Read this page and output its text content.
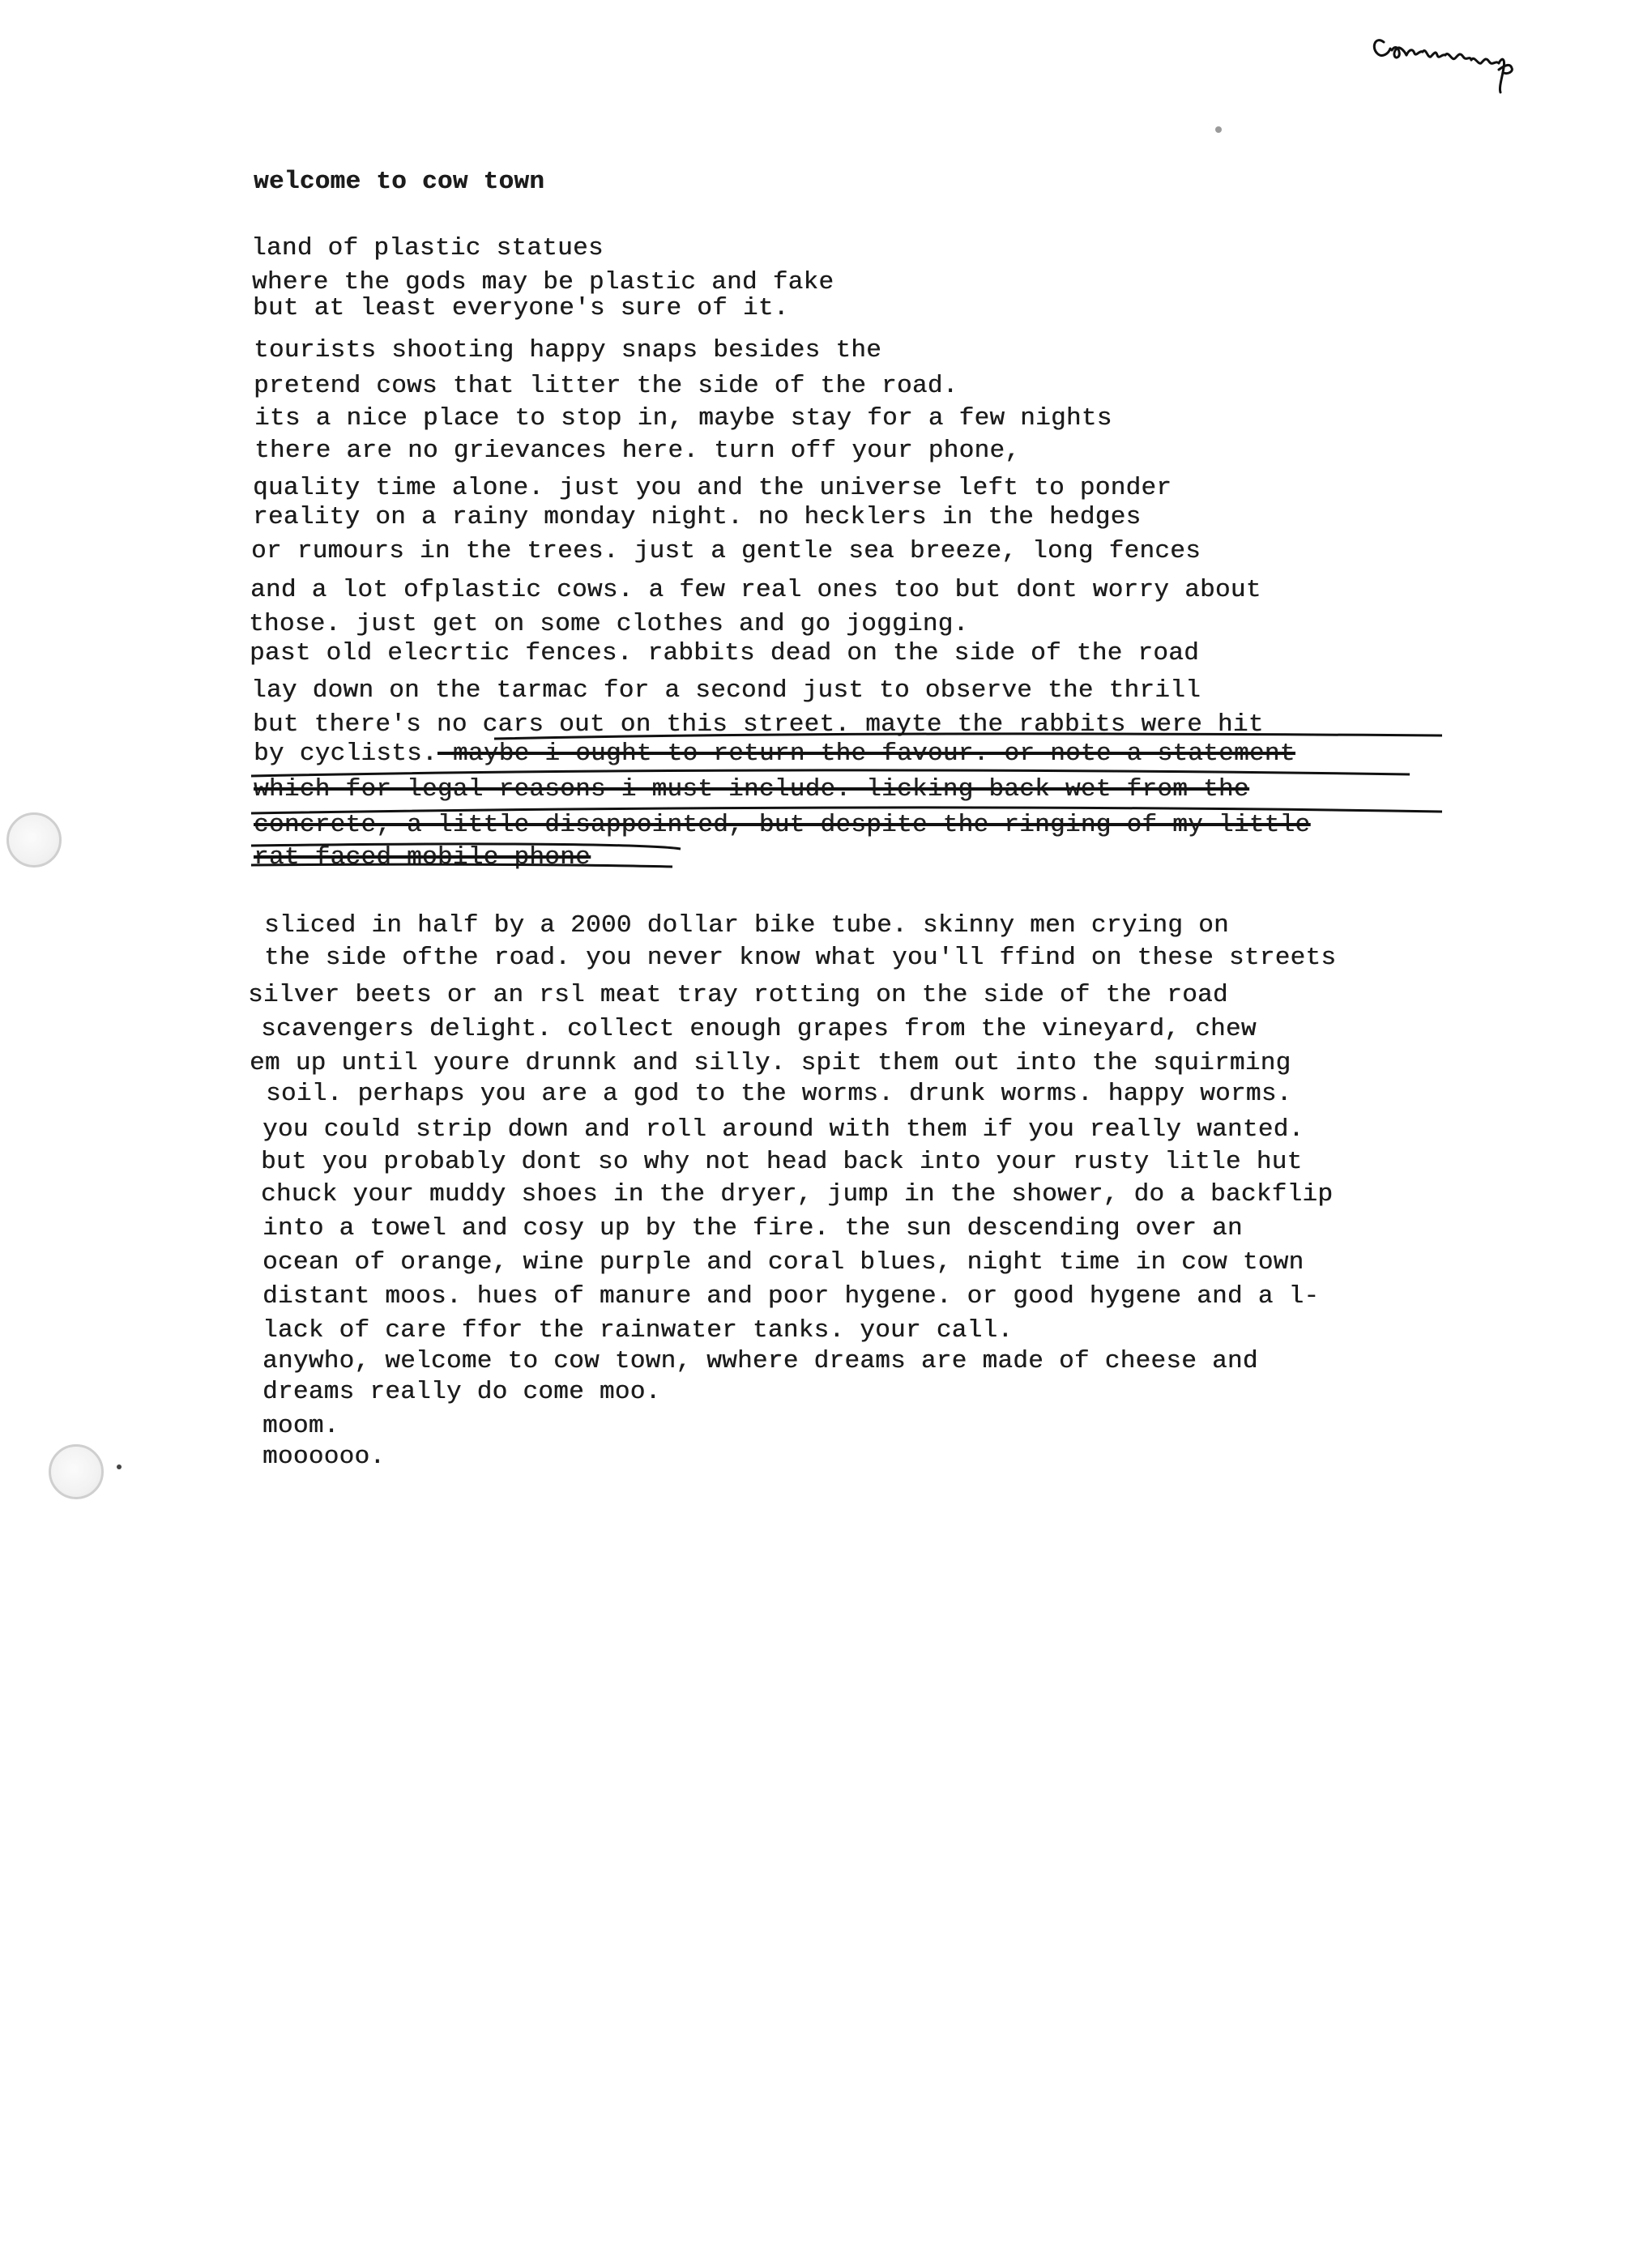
welcome to cow town
land of plastic statues
where the gods may be plastic and fake
but at least everyone's sure of it.
tourists shooting happy snaps besides the
pretend cows that litter the side of the road.
its a nice place to stop in, maybe stay for a few nights
there are no grievances here. turn off your phone,
quality time alone. just you and the universe left to ponder
reality on a rainy monday night. no hecklers in the hedges
or rumours in the trees. just a gentle sea breeze, long fences
and a lot ofplastic cows. a few real ones too but dont worry about
those. just get on some clothes and go jogging.
past old elecrtic fences. rabbits dead on the side of the road
lay down on the tarmac for a second just to observe the thrill
but there's no cars out on this street. mayte the rabbits were hit
by cyclists. maybe i ought to return the favour. or note a statement
which for legal reasons i must include. licking back wet from the
concrete, a little disappointed, but despite the ringing of my little
rat faced mobile phone
sliced in half by a 2000 dollar bike tube. skinny men crying on
the side ofthe road. you never know what you'll ffind on these streets
silver beets or an rsl meat tray rotting on the side of the road
scavengers delight. collect enough grapes from the vineyard, chew
em up until youre drunnk and silly. spit them out into the squirming
soil. perhaps you are a god to the worms. drunk worms. happy worms.
you could strip down and roll around with them if you really wanted.
but you probably dont so why not head back into your rusty litle hut
chuck your muddy shoes in the dryer, jump in the shower, do a backflip
into a towel and cosy up by the fire. the sun descending over an
ocean of orange, wine purple and coral blues, night time in cow town
distant moos. hues of manure and poor hygene. or good hygene and a l-
lack of care ffor the rainwater tanks. your call.
anywho, welcome to cow town, wwhere dreams are made of cheese and
dreams really do come moo.
moom.
moooooo.
